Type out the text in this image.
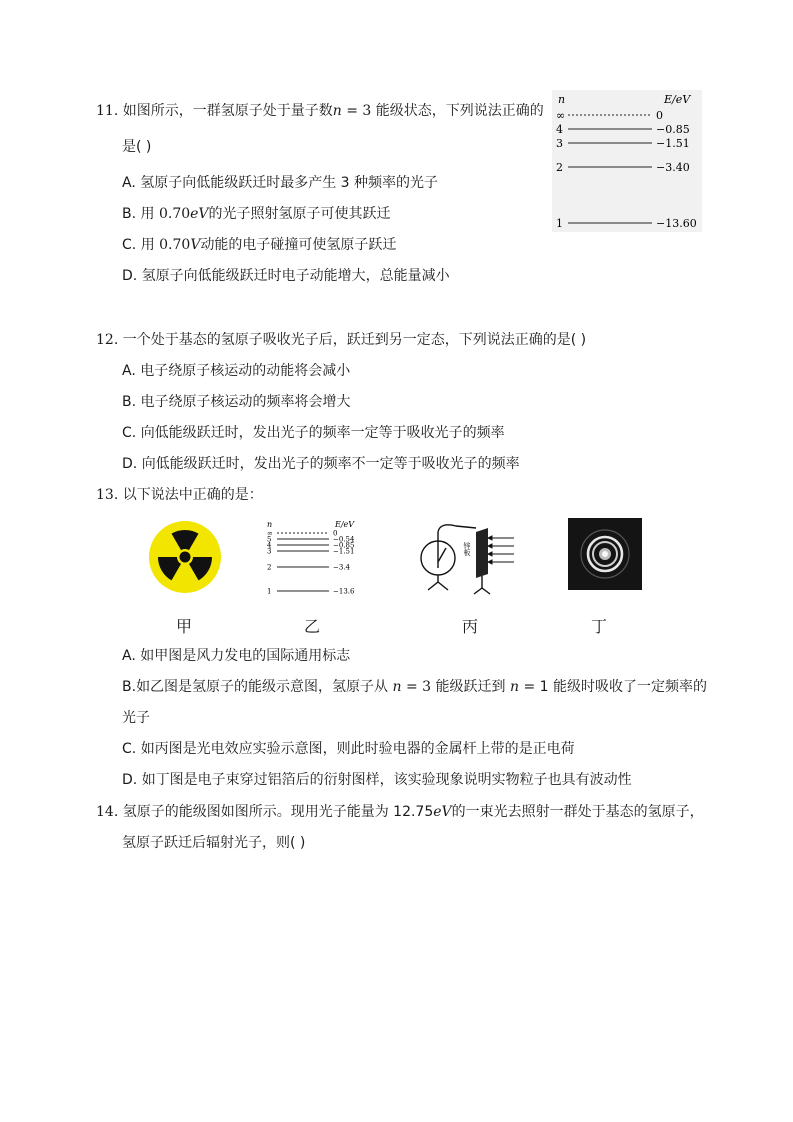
11. 如图所示，一群氢原子处于量子数n = 3 能级状态，下列说法正确的
是( )
A. 氢原子向低能级跃迁时最多产生 3 种频率的光子
B. 用 0.70eV的光子照射氢原子可使其跃迁
C. 用 0.70V动能的电子碰撞可使氢原子跃迁
D. 氢原子向低能级跃迁时电子动能增大，总能量减小
n	E/eV
∞	0
4	−0.85
3	−1.51
2	−3.40
1	−13.60
12. 一个处于基态的氢原子吸收光子后，跃迁到另一定态，下列说法正确的是( )
A. 电子绕原子核运动的动能将会减小
B. 电子绕原子核运动的频率将会增大
C. 向低能级跃迁时，发出光子的频率一定等于吸收光子的频率
D. 向低能级跃迁时，发出光子的频率不一定等于吸收光子的频率
13. 以下说法中正确的是：
n	E/eV
∞	0
5	−0.54
4	−0.85
3	−1.51
2	−3.4
1	−13.6
锌板
甲	乙	丙	丁
A. 如甲图是风力发电的国际通用标志
B.如乙图是氢原子的能级示意图，氢原子从 n = 3 能级跃迁到 n = 1 能级时吸收了一定频率的
光子
C. 如丙图是光电效应实验示意图，则此时验电器的金属杆上带的是正电荷
D. 如丁图是电子束穿过铝箔后的衍射图样，该实验现象说明实物粒子也具有波动性
14. 氢原子的能级图如图所示。现用光子能量为 12.75eV的一束光去照射一群处于基态的氢原子，
氢原子跃迁后辐射光子，则( )
